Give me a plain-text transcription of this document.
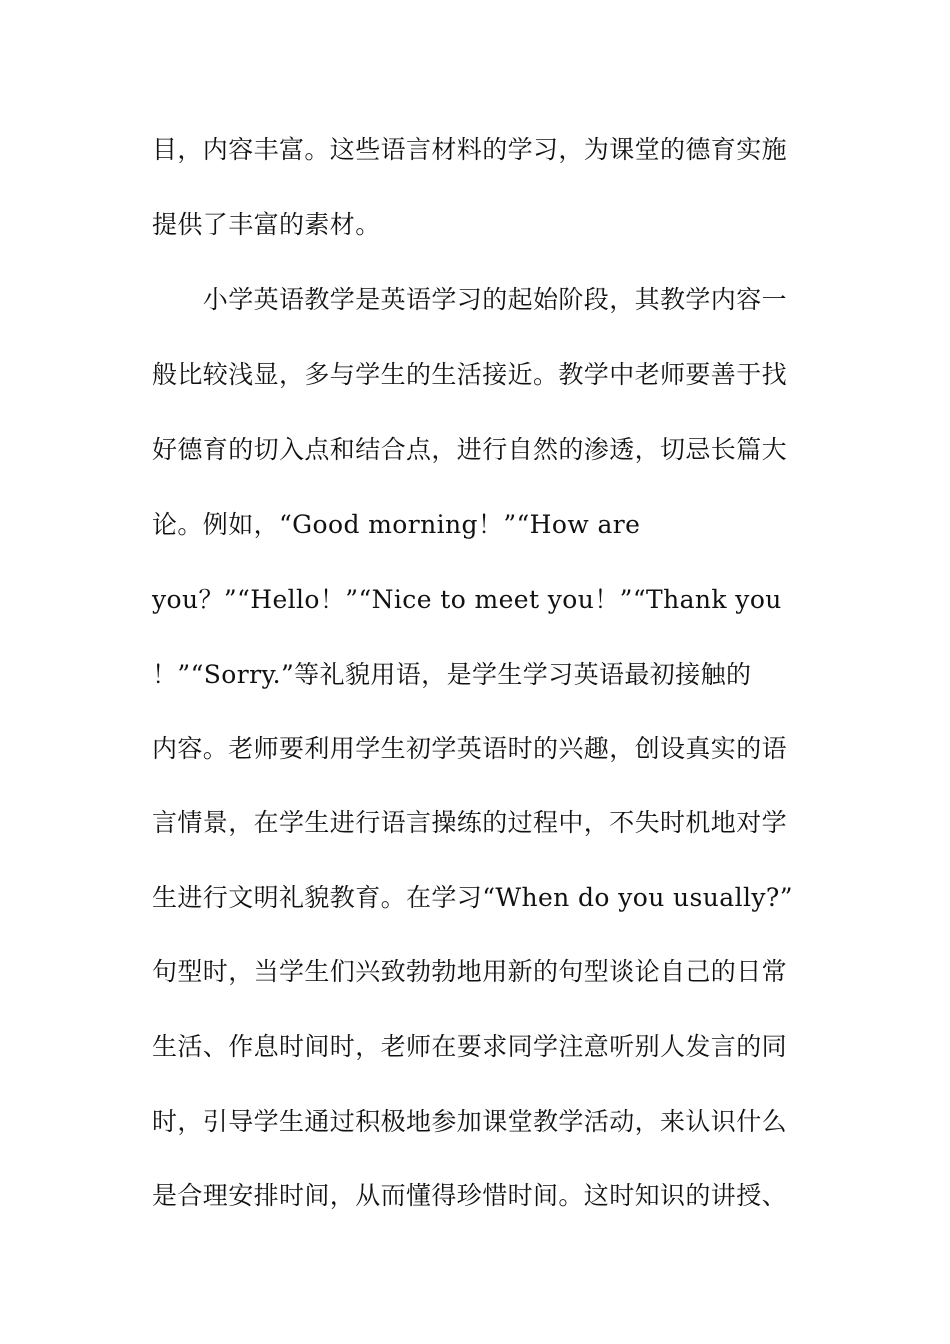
目，内容丰富。这些语言材料的学习，为课堂的德育实施
提供了丰富的素材。
　　小学英语教学是英语学习的起始阶段，其教学内容一
般比较浅显，多与学生的生活接近。教学中老师要善于找
好德育的切入点和结合点，进行自然的渗透，切忌长篇大
论。例如，“Good morning！”“How are
you？”“Hello！”“Nice to meet you！”“Thank you
！”“Sorry.”等礼貌用语，是学生学习英语最初接触的
内容。老师要利用学生初学英语时的兴趣，创设真实的语
言情景，在学生进行语言操练的过程中，不失时机地对学
生进行文明礼貌教育。在学习“When do you usually?”
句型时，当学生们兴致勃勃地用新的句型谈论自己的日常
生活、作息时间时，老师在要求同学注意听别人发言的同
时，引导学生通过积极地参加课堂教学活动，来认识什么
是合理安排时间，从而懂得珍惜时间。这时知识的讲授、
